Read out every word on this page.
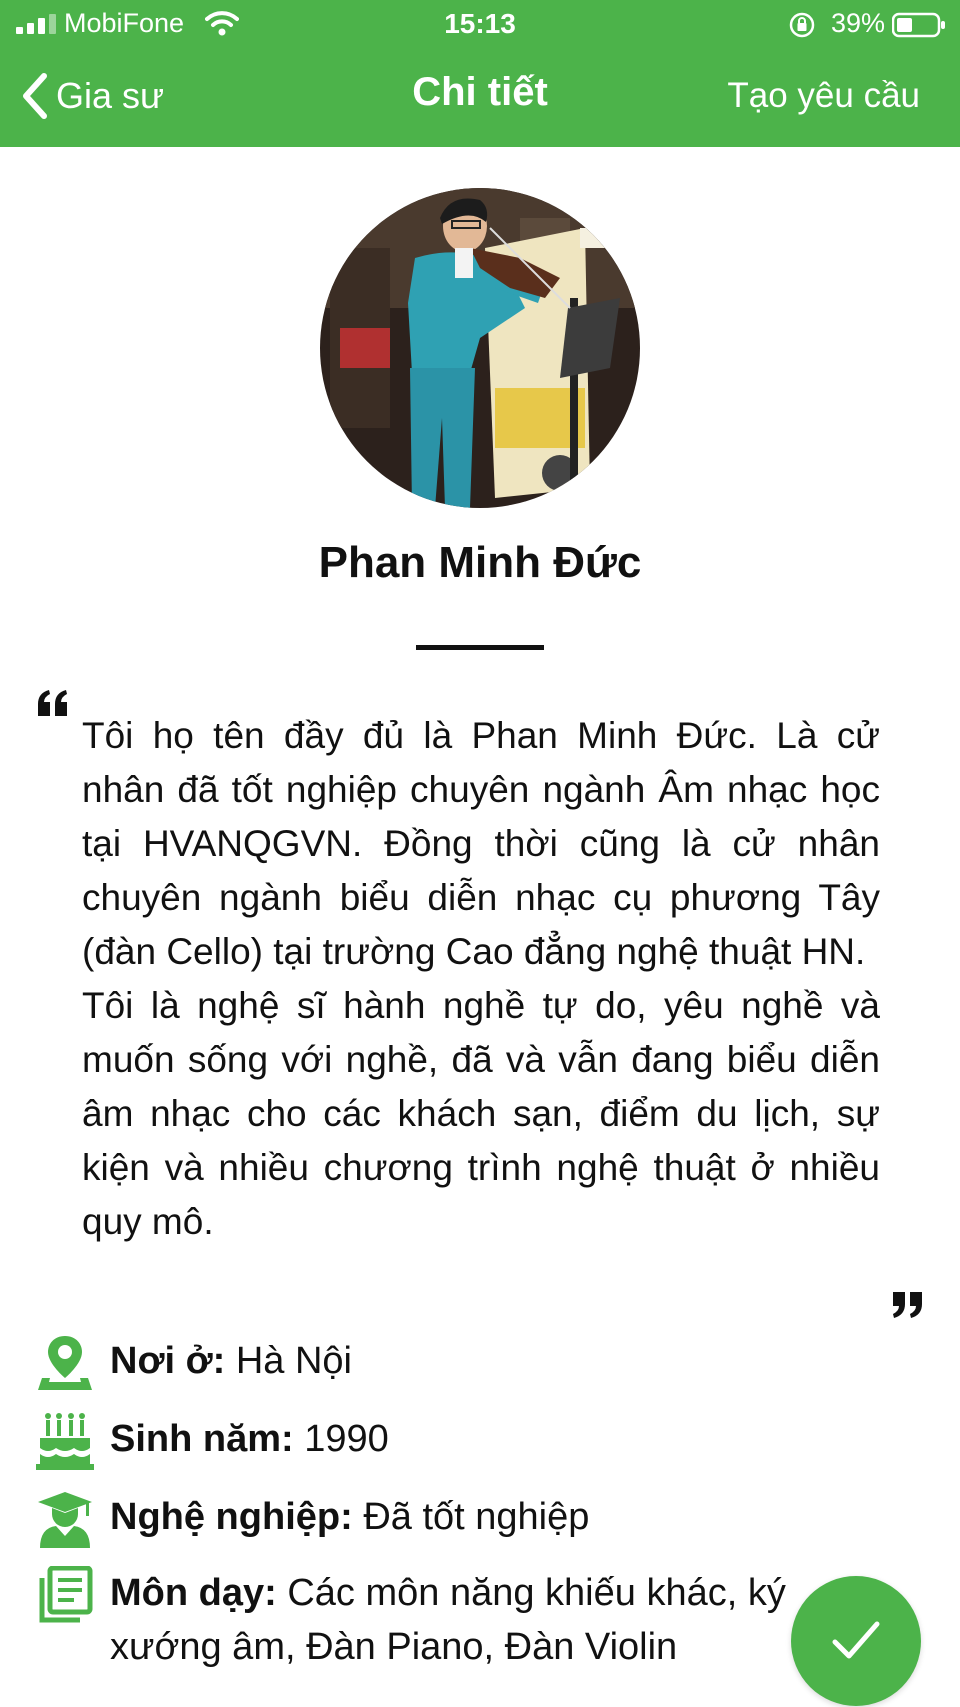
MobiFone	15:13	39%
Gia sư	Chi tiết	Tạo yêu cầu
Phan Minh Đức

Tôi họ tên đầy đủ là Phan Minh Đức. Là cử nhân đã tốt nghiệp chuyên ngành Âm nhạc học tại HVANQGVN. Đồng thời cũng là cử nhân chuyên ngành biểu diễn nhạc cụ phương Tây (đàn Cello) tại trường Cao đẳng nghệ thuật HN.

Tôi là nghệ sĩ hành nghề tự do, yêu nghề và muốn sống với nghề, đã và vẫn đang biểu diễn âm nhạc cho các khách sạn, điểm du lịch, sự kiện và nhiều chương trình nghệ thuật ở nhiều quy mô.

Nơi ở: Hà Nội
Sinh năm: 1990
Nghệ nghiệp: Đã tốt nghiệp
Môn dạy: Các môn năng khiếu khác, ký xướng âm, Đàn Piano, Đàn Violin
